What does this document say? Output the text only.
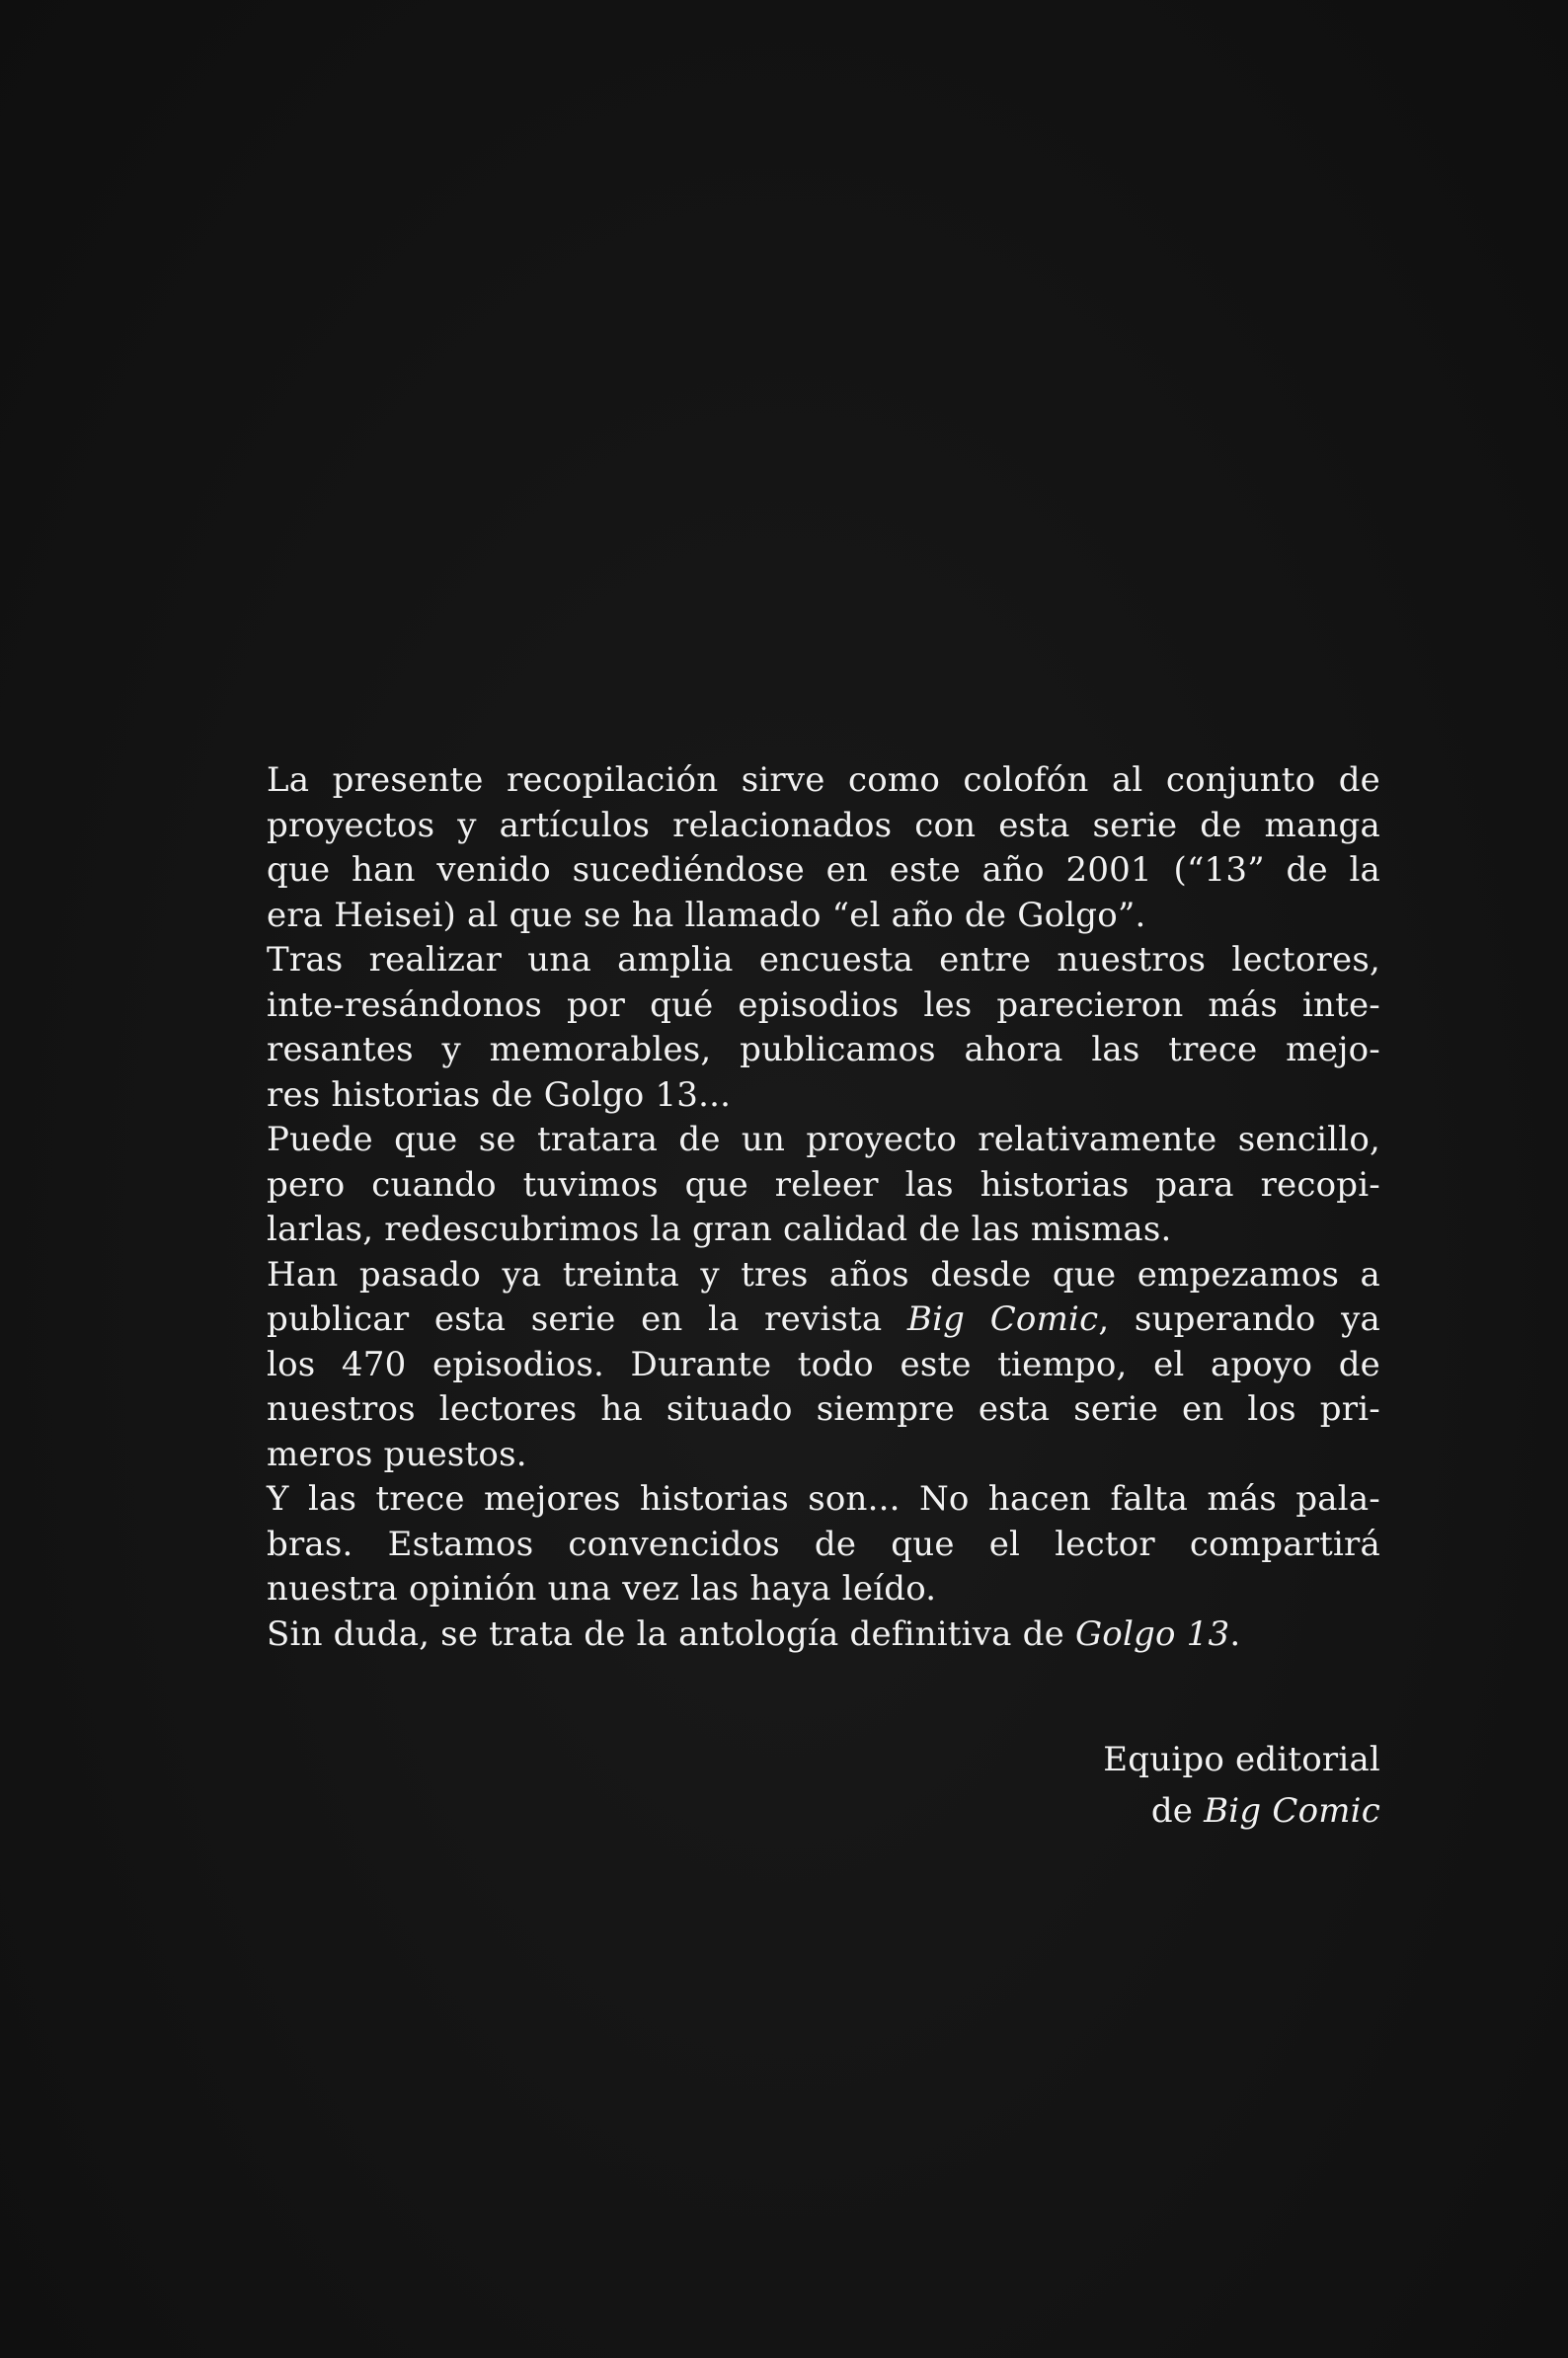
La presente recopilación sirve como colofón al conjunto de
proyectos y artículos relacionados con esta serie de manga
que han venido sucediéndose en este año 2001 (“13” de la
era Heisei) al que se ha llamado “el año de Golgo”.
Tras realizar una amplia encuesta entre nuestros lectores,
inte-resándonos por qué episodios les parecieron más inte-
resantes y memorables, publicamos ahora las trece mejo-
res historias de Golgo 13...
Puede que se tratara de un proyecto relativamente sencillo,
pero cuando tuvimos que releer las historias para recopi-
larlas, redescubrimos la gran calidad de las mismas.
Han pasado ya treinta y tres años desde que empezamos a
publicar esta serie en la revista Big Comic, superando ya
los 470 episodios. Durante todo este tiempo, el apoyo de
nuestros lectores ha situado siempre esta serie en los pri-
meros puestos.
Y las trece mejores historias son... No hacen falta más pala-
bras. Estamos convencidos de que el lector compartirá
nuestra opinión una vez las haya leído.
Sin duda, se trata de la antología definitiva de Golgo 13.
Equipo editorial
de Big Comic
